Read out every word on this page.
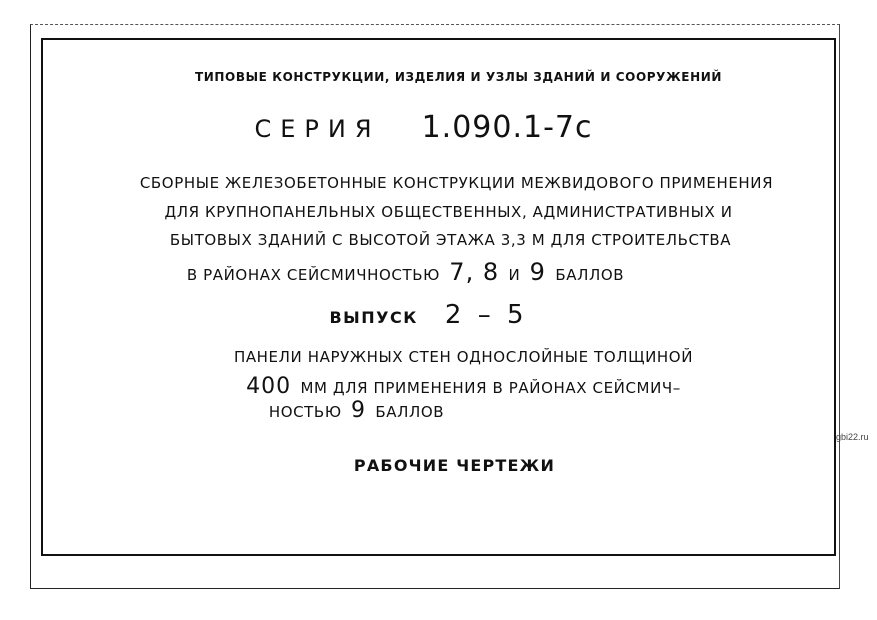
ТИПОВЫЕ КОНСТРУКЦИИ, ИЗДЕЛИЯ И УЗЛЫ ЗДАНИЙ И СООРУЖЕНИЙ
СЕРИЯ 1.090.1-7с
СБОРНЫЕ ЖЕЛЕЗОБЕТОННЫЕ КОНСТРУКЦИИ МЕЖВИДОВОГО ПРИМЕНЕНИЯ
ДЛЯ КРУПНОПАНЕЛЬНЫХ ОБЩЕСТВЕННЫХ, АДМИНИСТРАТИВНЫХ И
БЫТОВЫХ ЗДАНИЙ С ВЫСОТОЙ ЭТАЖА 3,3 М ДЛЯ СТРОИТЕЛЬСТВА
В РАЙОНАХ СЕЙСМИЧНОСТЬЮ 7, 8 И 9 БАЛЛОВ
ВЫПУСК 2 – 5
ПАНЕЛИ НАРУЖНЫХ СТЕН ОДНОСЛОЙНЫЕ ТОЛЩИНОЙ
400 ММ ДЛЯ ПРИМЕНЕНИЯ В РАЙОНАХ СЕЙСМИЧ–
НОСТЬЮ 9 БАЛЛОВ
РАБОЧИЕ ЧЕРТЕЖИ
gbi22.ru
